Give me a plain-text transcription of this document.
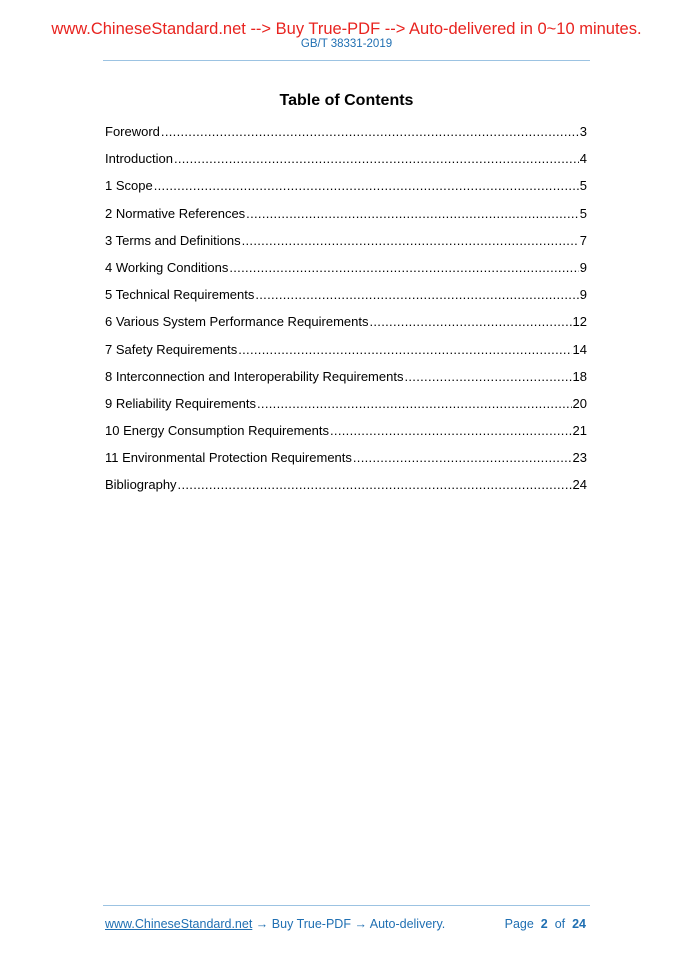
www.ChineseStandard.net --> Buy True-PDF --> Auto-delivered in 0~10 minutes.
GB/T 38331-2019
Table of Contents
Foreword .....	3
Introduction .....	4
1 Scope .....	5
2 Normative References .....	5
3 Terms and Definitions .....	7
4 Working Conditions .....	9
5 Technical Requirements .....	9
6 Various System Performance Requirements .....	12
7 Safety Requirements .....	14
8 Interconnection and Interoperability Requirements .....	18
9 Reliability Requirements .....	20
10 Energy Consumption Requirements .....	21
11 Environmental Protection Requirements .....	23
Bibliography .....	24
www.ChineseStandard.net → Buy True-PDF → Auto-delivery.	Page 2 of 24
